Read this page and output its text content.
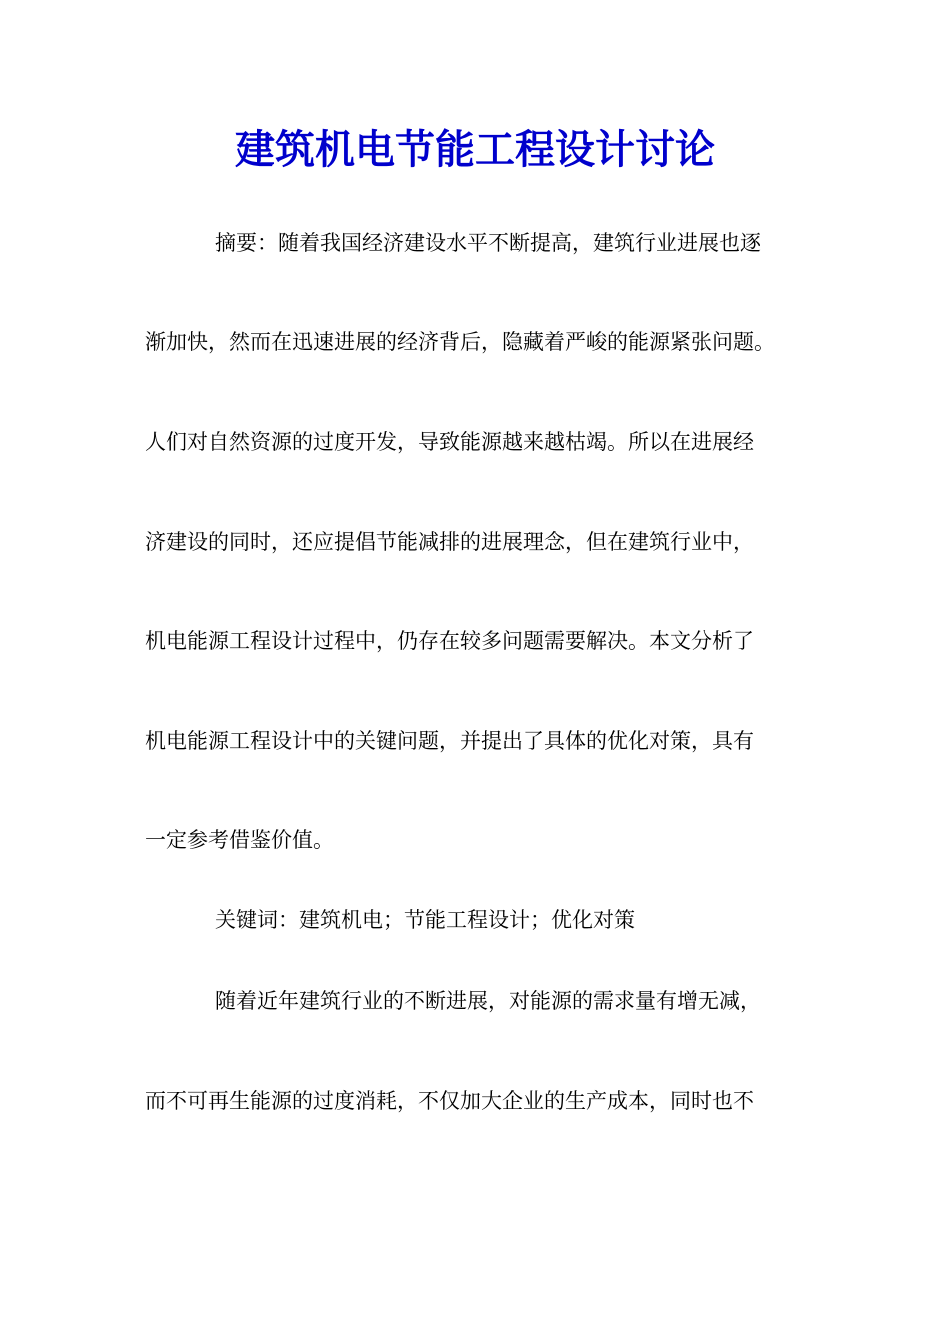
建筑机电节能工程设计讨论

摘要：随着我国经济建设水平不断提高，建筑行业进展也逐

渐加快，然而在迅速进展的经济背后，隐藏着严峻的能源紧张问题。

人们对自然资源的过度开发，导致能源越来越枯竭。所以在进展经

济建设的同时，还应提倡节能减排的进展理念，但在建筑行业中，

机电能源工程设计过程中，仍存在较多问题需要解决。本文分析了

机电能源工程设计中的关键问题，并提出了具体的优化对策，具有

一定参考借鉴价值。

关键词：建筑机电；节能工程设计；优化对策

随着近年建筑行业的不断进展，对能源的需求量有增无减，

而不可再生能源的过度消耗，不仅加大企业的生产成本，同时也不
